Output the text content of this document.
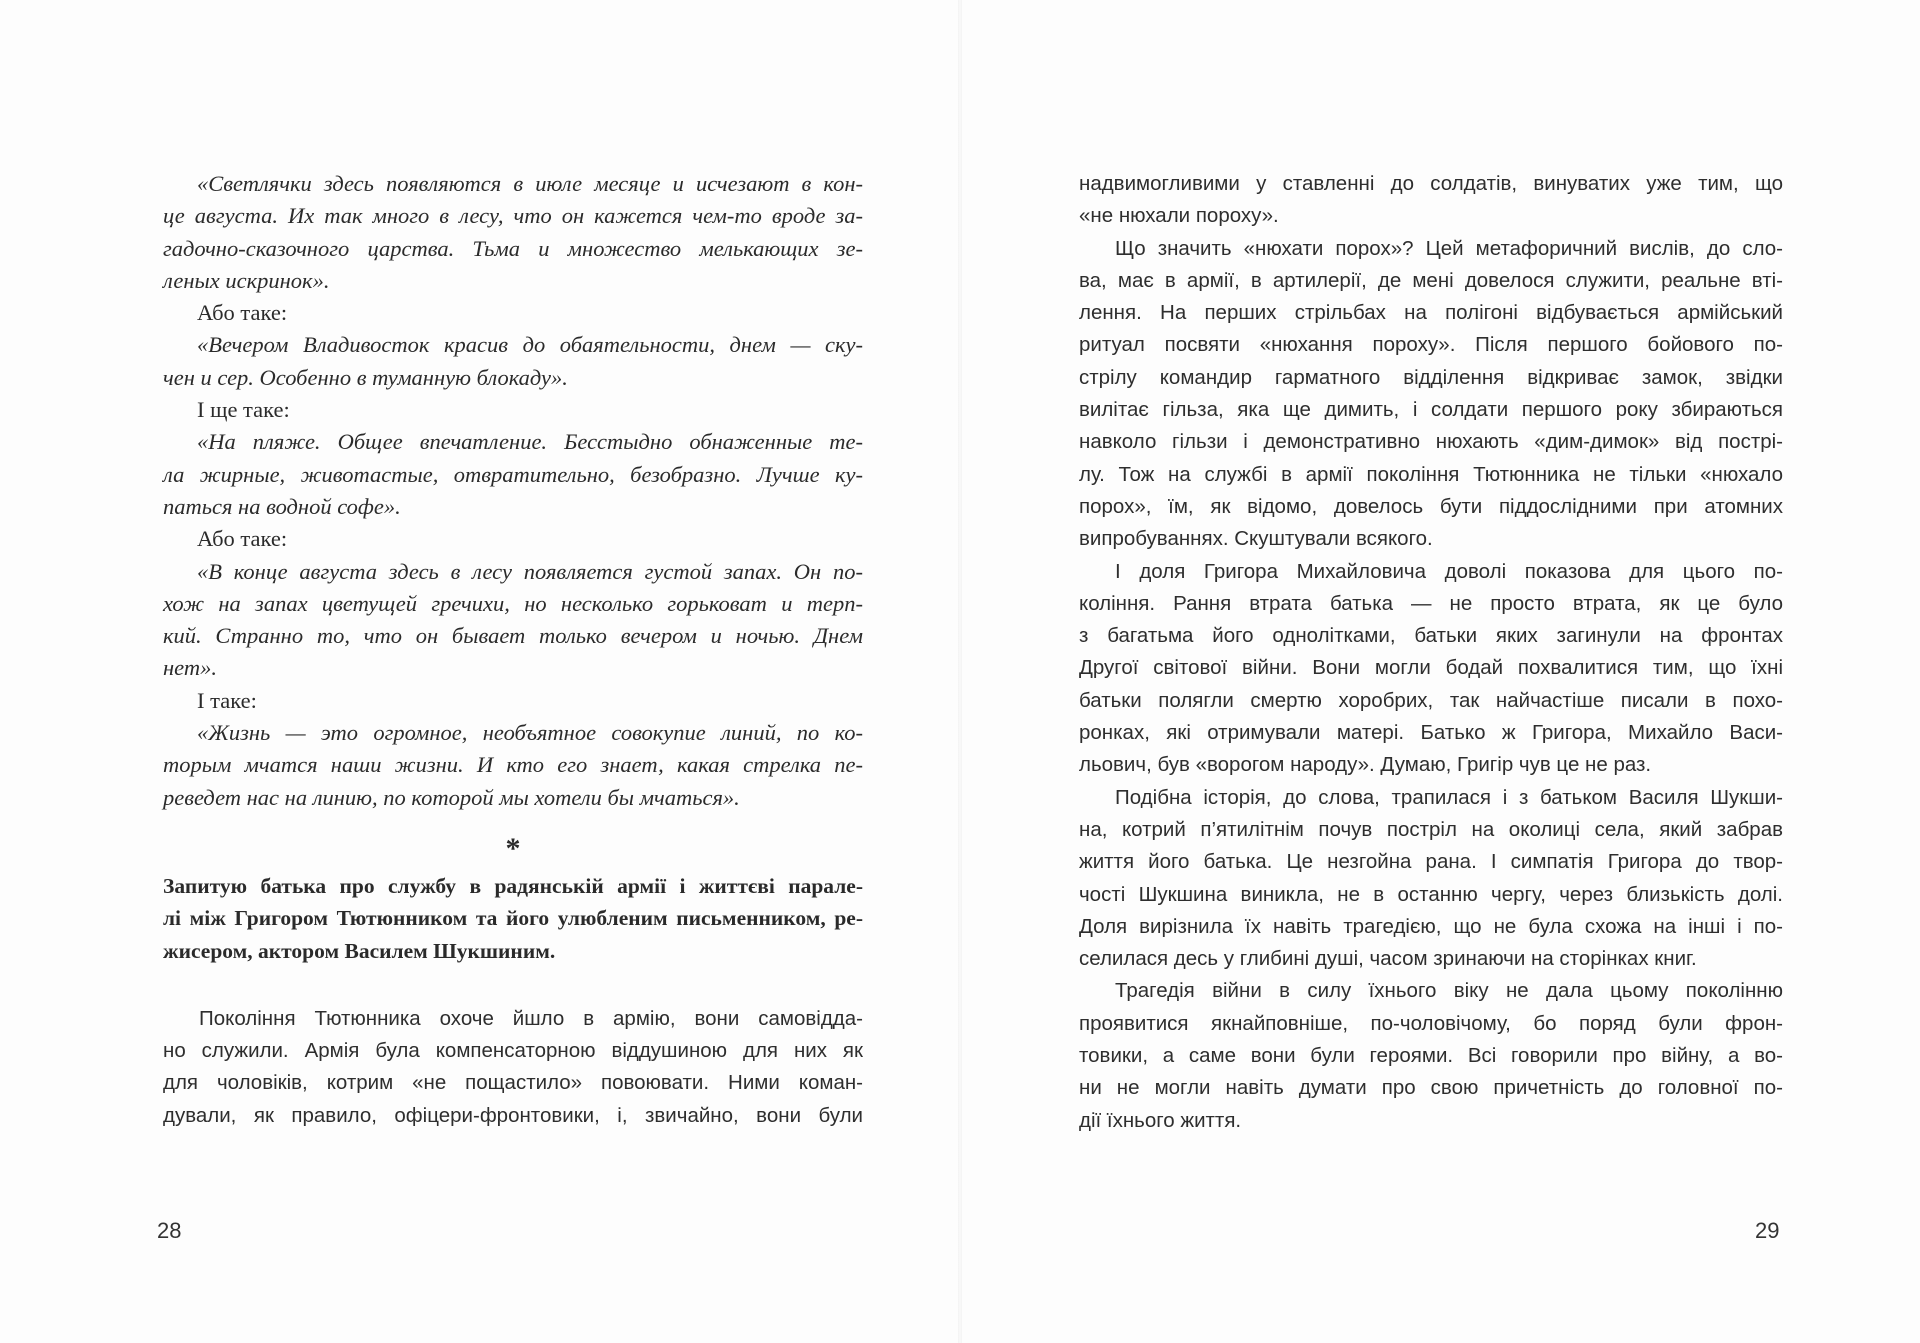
«Светлячки здесь появляются в июле месяце и исчезают в кон-
це августа. Их так много в лесу, что он кажется чем-то вроде за-
гадочно-сказочного царства. Тьма и множество мелькающих зе-
леных искринок».
Або таке:
«Вечером Владивосток красив до обаятельности, днем — ску-
чен и сер. Особенно в туманную блокаду».
І ще таке:
«На пляже. Общее впечатление. Бесстыдно обнаженные те-
ла жирные, животастые, отвратительно, безобразно. Лучше ку-
паться на водной софе».
Або таке:
«В конце августа здесь в лесу появляется густой запах. Он по-
хож на запах цветущей гречихи, но несколько горьковат и терп-
кий. Странно то, что он бывает только вечером и ночью. Днем
нет».
І таке:
«Жизнь — это огромное, необъятное совокупие линий, по ко-
торым мчатся наши жизни. И кто его знает, какая стрелка пе-
реведет нас на линию, по которой мы хотели бы мчаться».
*
Запитую батька про службу в радянській армії і життєві парале-
лі між Григором Тютюнником та його улюбленим письменником, ре-
жисером, актором Василем Шукшиним.
Покоління Тютюнника охоче йшло в армію, вони самовіддa-
но служили. Армія була компенсаторною віддушиною для них як
для чоловіків, котрим «не пощастило» повоювати. Ними коман-
дували, як правило, офіцери-фронтовики, і, звичайно, вони були
28
надвимогливими у ставленні до солдатів, винуватих уже тим, що
«не нюхали пороху».
Що значить «нюхати порох»? Цей метафоричний вислів, до сло-
ва, має в армії, в артилерії, де мені довелося служити, реальне вті-
лення. На перших стрільбах на полігоні відбувається армійський
ритуал посвяти «нюхання пороху». Після першого бойового по-
стрілу командир гарматного відділення відкриває замок, звідки
вилітає гільза, яка ще димить, і солдати першого року збираються
навколо гільзи і демонстративно нюхають «дим-димок» від пострі-
лу. Тож на службі в армії покоління Тютюнника не тільки «нюхало
порох», їм, як відомо, довелось бути піддослідними при атомних
випробуваннях. Скуштували всякого.
І доля Григора Михайловича доволі показова для цього по-
коління. Рання втрата батька — не просто втрата, як це було
з багатьма його однолітками, батьки яких загинули на фронтах
Другої світової війни. Вони могли бодай похвалитися тим, що їхні
батьки полягли смертю хоробрих, так найчастіше писали в похо-
ронках, які отримували матері. Батько ж Григора, Михайло Васи-
льович, був «ворогом народу». Думаю, Григір чув це не раз.
Подібна історія, до слова, трапилася і з батьком Василя Шукши-
на, котрий п’ятилітнім почув постріл на околиці села, який забрав
життя його батька. Це незгойна рана. І симпатія Григора до твор-
чості Шукшина виникла, не в останню чергу, через близькість долі.
Доля вирізнила їх навіть трагедією, що не була схожа на інші і по-
селилася десь у глибині душі, часом зринаючи на сторінках книг.
Трагедія війни в силу їхнього віку не дала цьому поколінню
проявитися якнайповніше, по-чоловічому, бо поряд були фрон-
товики, а саме вони були героями. Всі говорили про війну, а во-
ни не могли навіть думати про свою причетність до головної по-
дії їхнього життя.
29
